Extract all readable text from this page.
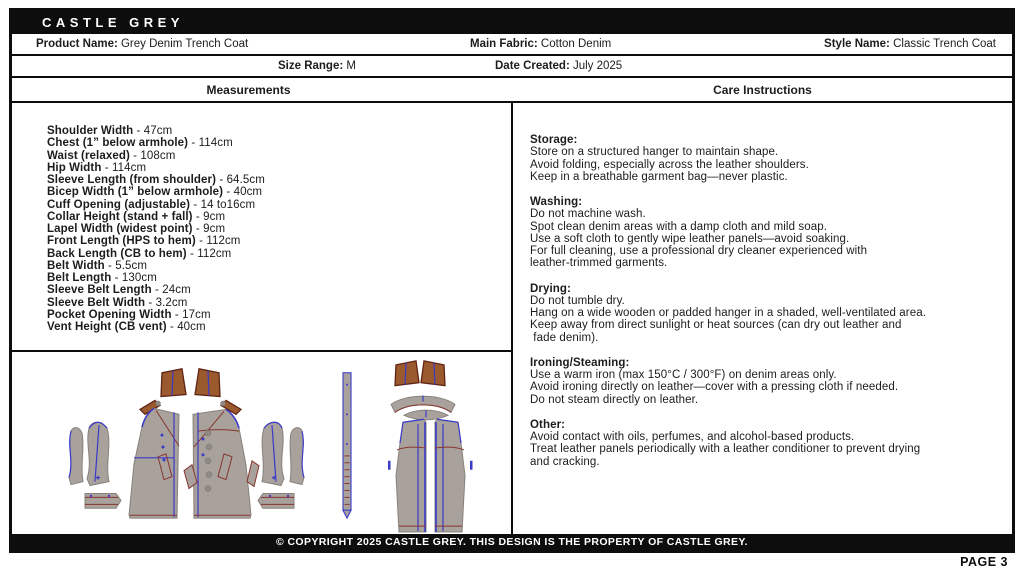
CASTLE GREY
Product Name: Grey Denim Trench Coat	Main Fabric: Cotton Denim	Style Name: Classic Trench Coat
Size Range: M	Date Created: July 2025
Measurements	Care Instructions
Shoulder Width - 47cm
Chest (1” below armhole) - 114cm
Waist (relaxed) - 108cm
Hip Width - 114cm
Sleeve Length (from shoulder) - 64.5cm
Bicep Width (1” below armhole) - 40cm
Cuff Opening (adjustable) - 14 to16cm
Collar Height (stand + fall) - 9cm
Lapel Width (widest point) - 9cm
Front Length (HPS to hem) - 112cm
Back Length (CB to hem) - 112cm
Belt Width - 5.5cm
Belt Length - 130cm
Sleeve Belt Length - 24cm
Sleeve Belt Width - 3.2cm
Pocket Opening Width - 17cm
Vent Height (CB vent) - 40cm
Storage:
Store on a structured hanger to maintain shape.
Avoid folding, especially across the leather shoulders.
Keep in a breathable garment bag—never plastic.
Washing:
Do not machine wash.
Spot clean denim areas with a damp cloth and mild soap.
Use a soft cloth to gently wipe leather panels—avoid soaking.
For full cleaning, use a professional dry cleaner experienced with
leather-trimmed garments.
Drying:
Do not tumble dry.
Hang on a wide wooden or padded hanger in a shaded, well-ventilated area.
Keep away from direct sunlight or heat sources (can dry out leather and
fade denim).
Ironing/Steaming:
Use a warm iron (max 150°C / 300°F) on denim areas only.
Avoid ironing directly on leather—cover with a pressing cloth if needed.
Do not steam directly on leather.
Other:
Avoid contact with oils, perfumes, and alcohol-based products.
Treat leather panels periodically with a leather conditioner to prevent drying
and cracking.
© COPYRIGHT 2025 CASTLE GREY. THIS DESIGN IS THE PROPERTY OF CASTLE GREY.
PAGE 3
